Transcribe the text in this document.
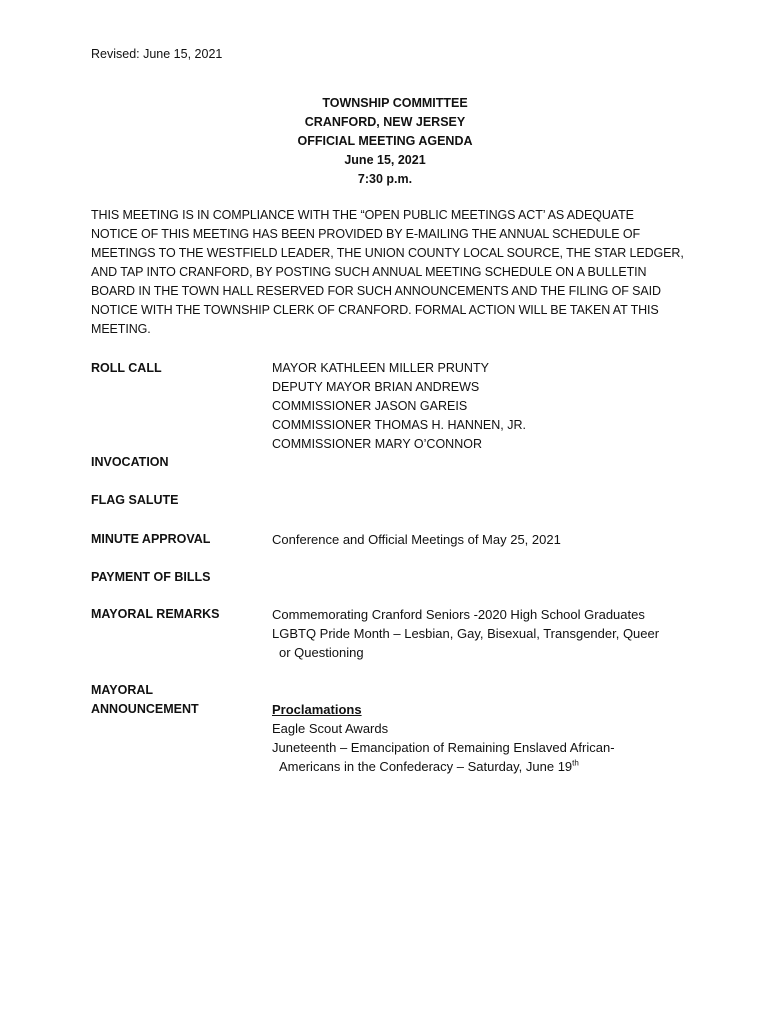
Revised: June 15, 2021
TOWNSHIP COMMITTEE
CRANFORD, NEW JERSEY
OFFICIAL MEETING AGENDA
June 15, 2021
7:30 p.m.
THIS MEETING IS IN COMPLIANCE WITH THE “OPEN PUBLIC MEETINGS ACT’ AS ADEQUATE
NOTICE OF THIS MEETING HAS BEEN PROVIDED BY E-MAILING THE ANNUAL SCHEDULE OF
MEETINGS TO THE WESTFIELD LEADER, THE UNION COUNTY LOCAL SOURCE, THE STAR LEDGER,
AND TAP INTO CRANFORD, BY POSTING SUCH ANNUAL MEETING SCHEDULE ON A BULLETIN
BOARD IN THE TOWN HALL RESERVED FOR SUCH ANNOUNCEMENTS AND THE FILING OF SAID
NOTICE WITH THE TOWNSHIP CLERK OF CRANFORD. FORMAL ACTION WILL BE TAKEN AT THIS
MEETING.
ROLL CALL	MAYOR KATHLEEN MILLER PRUNTY
DEPUTY MAYOR BRIAN ANDREWS
COMMISSIONER JASON GAREIS
COMMISSIONER THOMAS H. HANNEN, JR.
COMMISSIONER MARY O’CONNOR
INVOCATION
FLAG SALUTE
MINUTE APPROVAL	Conference and Official Meetings of May 25, 2021
PAYMENT OF BILLS
MAYORAL REMARKS	Commemorating Cranford Seniors -2020 High School Graduates
LGBTQ Pride Month – Lesbian, Gay, Bisexual, Transgender, Queer
or Questioning
MAYORAL
ANNOUNCEMENT	Proclamations
Eagle Scout Awards
Juneteenth – Emancipation of Remaining Enslaved African-
Americans in the Confederacy – Saturday, June 19th
